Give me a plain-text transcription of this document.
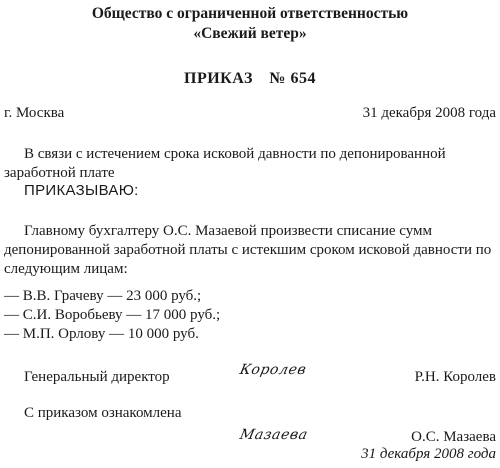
Общество с ограниченной ответственностью
«Свежий ветер»
ПРИКАЗ № 654
г. Москва	31 декабря 2008 года
В связи с истечением срока исковой давности по депонированной заработной плате
ПРИКАЗЫВАЮ:
Главному бухгалтеру О.С. Мазаевой произвести списание сумм депонированной заработной платы с истекшим сроком исковой давности по следующим лицам:
— В.В. Грачеву — 23 000 руб.;
— С.И. Воробьеву — 17 000 руб.;
— М.П. Орлову — 10 000 руб.
Генеральный директор	Королев	Р.Н. Королев
С приказом ознакомлена
Мазаева	О.С. Мазаева
31 декабря 2008 года
